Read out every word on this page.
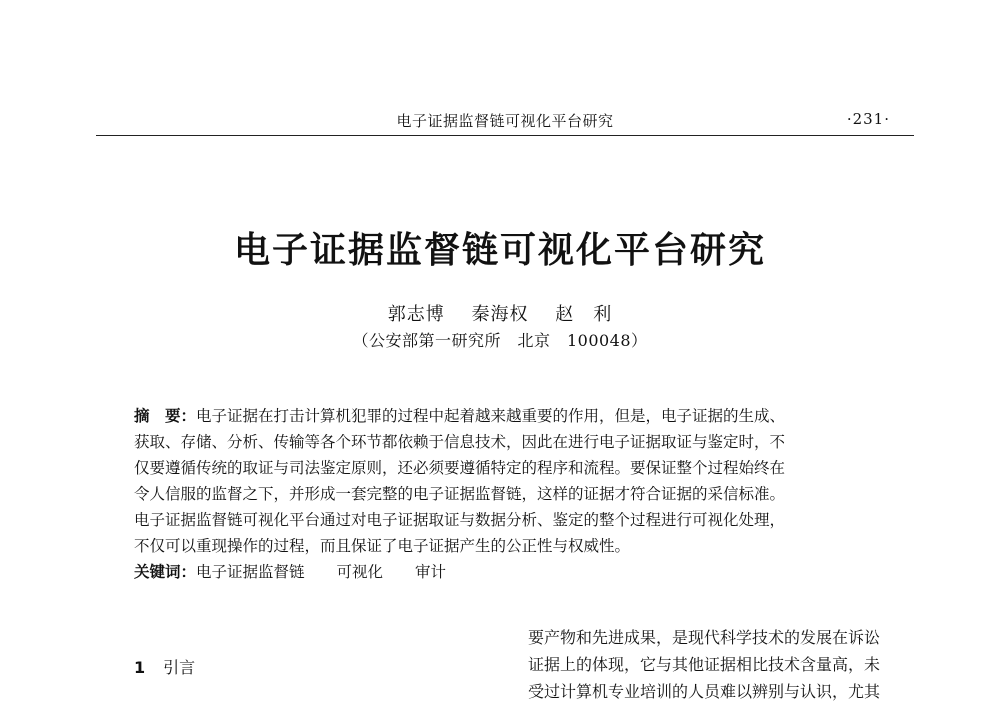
电子证据监督链可视化平台研究	·231·
电子证据监督链可视化平台研究
郭志博 秦海权 赵　利
（公安部第一研究所　北京　100048）
摘　要：电子证据在打击计算机犯罪的过程中起着越来越重要的作用，但是，电子证据的生成、
获取、存储、分析、传输等各个环节都依赖于信息技术，因此在进行电子证据取证与鉴定时，不
仅要遵循传统的取证与司法鉴定原则，还必须要遵循特定的程序和流程。要保证整个过程始终在
令人信服的监督之下，并形成一套完整的电子证据监督链，这样的证据才符合证据的采信标准。
电子证据监督链可视化平台通过对电子证据取证与数据分析、鉴定的整个过程进行可视化处理，
不仅可以重现操作的过程，而且保证了电子证据产生的公正性与权威性。
关键词：电子证据监督链 可视化 审计
1 引言
要产物和先进成果，是现代科学技术的发展在诉讼
证据上的体现，它与其他证据相比技术含量高，未
受过计算机专业培训的人员难以辨别与认识，尤其
